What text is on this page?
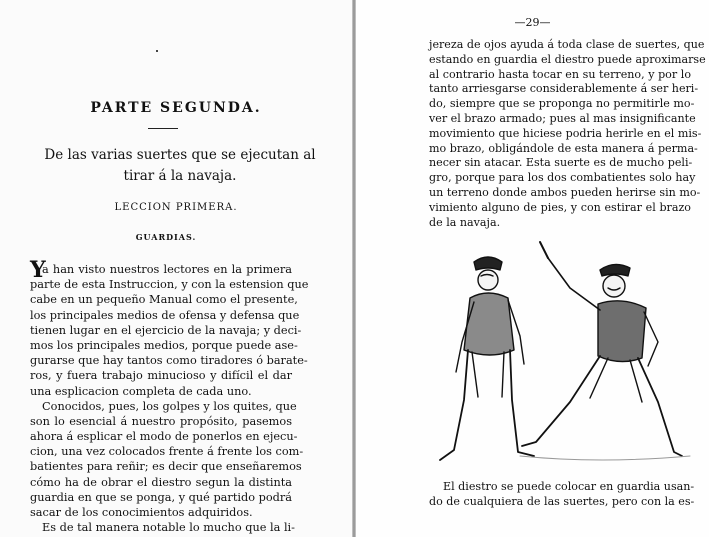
PARTE SEGUNDA.
De las varias suertes que se ejecutan al tirar á la navaja.
LECCION PRIMERA.
GUARDIAS.
Y
a han visto nuestros lectores en la primera
parte de esta Instruccion, y con la estension que
cabe en un pequeño Manual como el presente,
los principales medios de ofensa y defensa que
tienen lugar en el ejercicio de la navaja; y deci-
mos los principales medios, porque puede ase-
gurarse que hay tantos como tiradores ó barate-
ros, y fuera trabajo minucioso y difícil el dar
una esplicacion completa de cada uno.
Conocidos, pues, los golpes y los quites, que
son lo esencial á nuestro propósito, pasemos
ahora á esplicar el modo de ponerlos en ejecu-
cion, una vez colocados frente á frente los com-
batientes para reñir; es decir que enseñaremos
cómo ha de obrar el diestro segun la distinta
guardia en que se ponga, y qué partido podrá
sacar de los conocimientos adquiridos.
Es de tal manera notable lo mucho que la li-
—29—
jereza de ojos ayuda á toda clase de suertes, que
estando en guardia el diestro puede aproximarse
al contrario hasta tocar en su terreno, y por lo
tanto arriesgarse considerablemente á ser heri-
do, siempre que se proponga no permitirle mo-
ver el brazo armado; pues al mas insignificante
movimiento que hiciese podria herirle en el mis-
mo brazo, obligándole de esta manera á perma-
necer sin atacar. Esta suerte es de mucho peli-
gro, porque para los dos combatientes solo hay
un terreno donde ambos pueden herirse sin mo-
vimiento alguno de pies, y con estirar el brazo
de la navaja.
El diestro se puede colocar en guardia usan-
do de cualquiera de las suertes, pero con la es-
